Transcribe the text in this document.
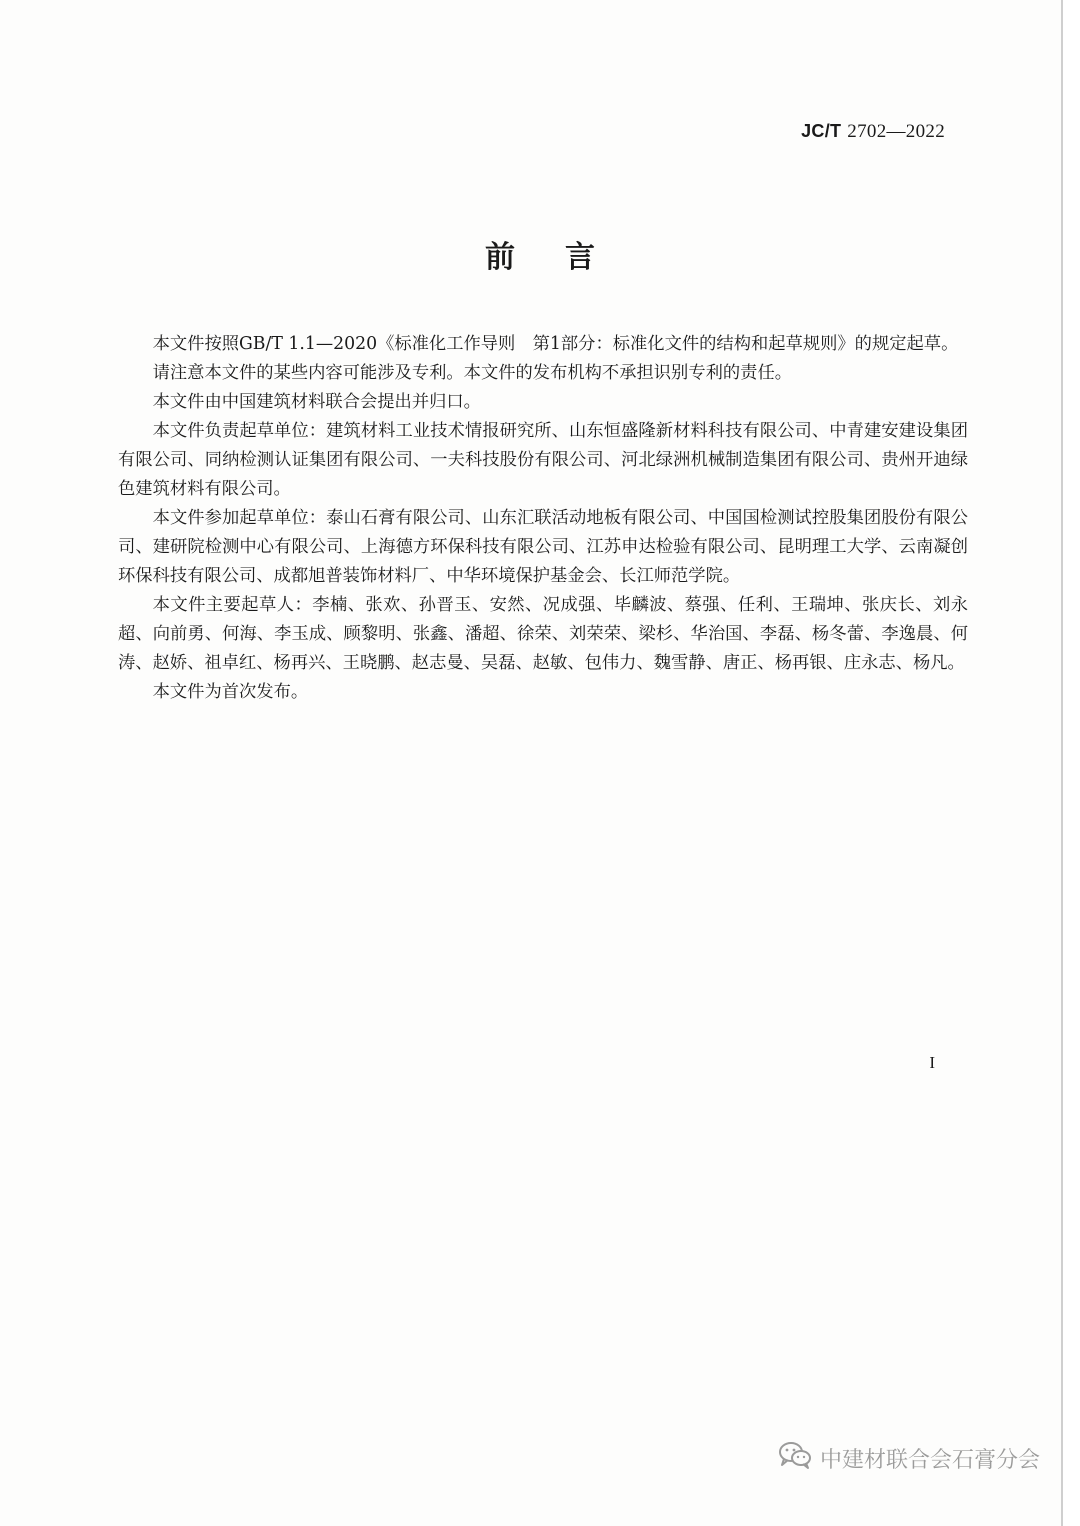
JC/T 2702—2022
前言

本文件按照GB/T 1.1—2020《标准化工作导则　第1部分：标准化文件的结构和起草规则》的规定起草。

请注意本文件的某些内容可能涉及专利。本文件的发布机构不承担识别专利的责任。

本文件由中国建筑材料联合会提出并归口。

本文件负责起草单位：建筑材料工业技术情报研究所、山东恒盛隆新材料科技有限公司、中青建安建设集团有限公司、同纳检测认证集团有限公司、一夫科技股份有限公司、河北绿洲机械制造集团有限公司、贵州开迪绿色建筑材料有限公司。

本文件参加起草单位：泰山石膏有限公司、山东汇联活动地板有限公司、中国国检测试控股集团股份有限公司、建研院检测中心有限公司、上海德方环保科技有限公司、江苏申达检验有限公司、昆明理工大学、云南凝创环保科技有限公司、成都旭普装饰材料厂、中华环境保护基金会、长江师范学院。

本文件主要起草人：李楠、张欢、孙晋玉、安然、况成强、毕麟波、蔡强、任利、王瑞坤、张庆长、刘永超、向前勇、何海、李玉成、顾黎明、张鑫、潘超、徐荣、刘荣荣、梁杉、华治国、李磊、杨冬蕾、李逸晨、何涛、赵娇、祖卓红、杨再兴、王晓鹏、赵志曼、吴磊、赵敏、包伟力、魏雪静、唐正、杨再银、庄永志、杨凡。

本文件为首次发布。

I
中建材联合会石膏分会
